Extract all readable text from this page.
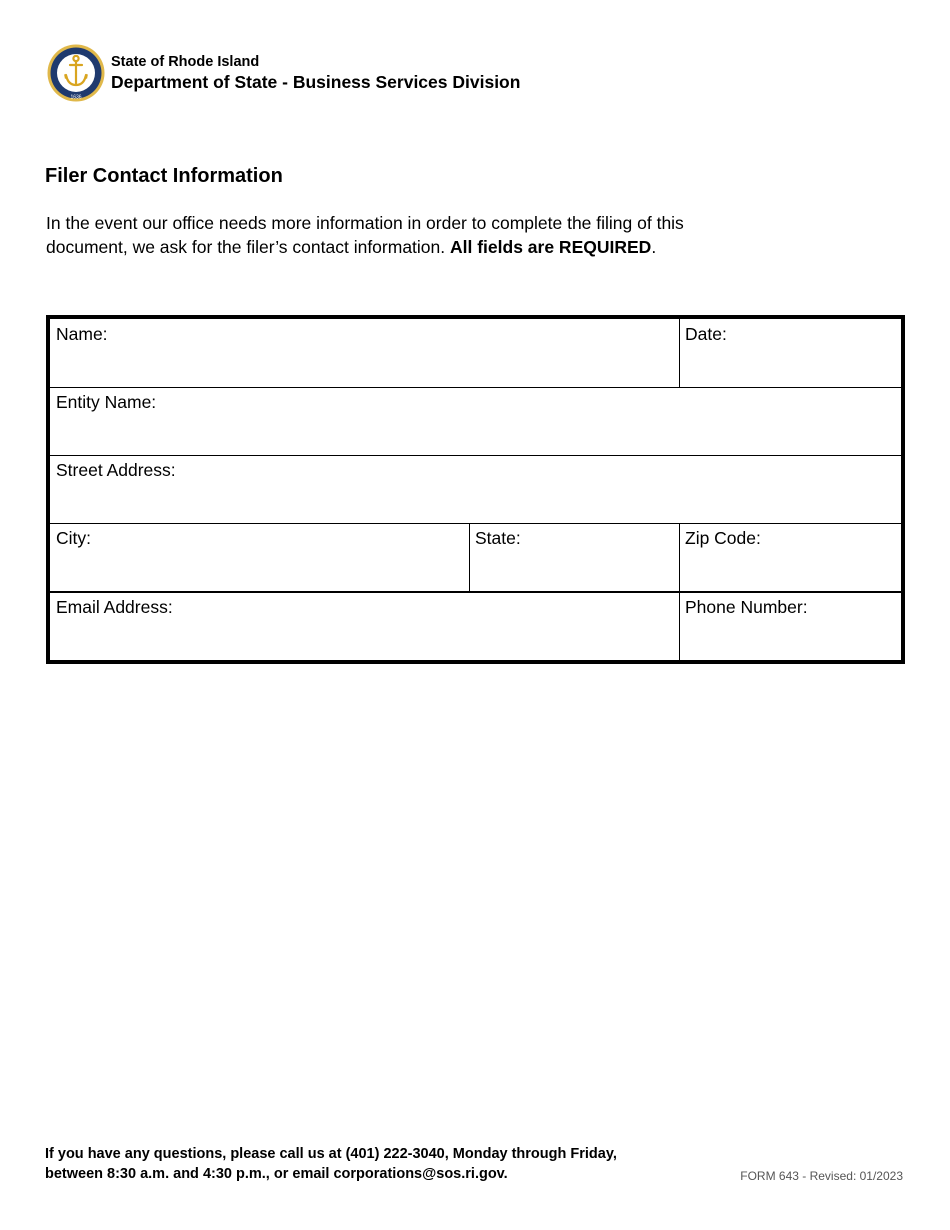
1636
State of Rhode Island
Department of State - Business Services Division
Filer Contact Information
In the event our office needs more information in order to complete the filing of this document, we ask for the filer’s contact information. All fields are REQUIRED.
Name:	Date:
Entity Name:
Street Address:
City:	State:	Zip Code:
Email Address:	Phone Number:
If you have any questions, please call us at (401) 222-3040, Monday through Friday,
between 8:30 a.m. and 4:30 p.m., or email corporations@sos.ri.gov.	FORM 643 - Revised: 01/2023
